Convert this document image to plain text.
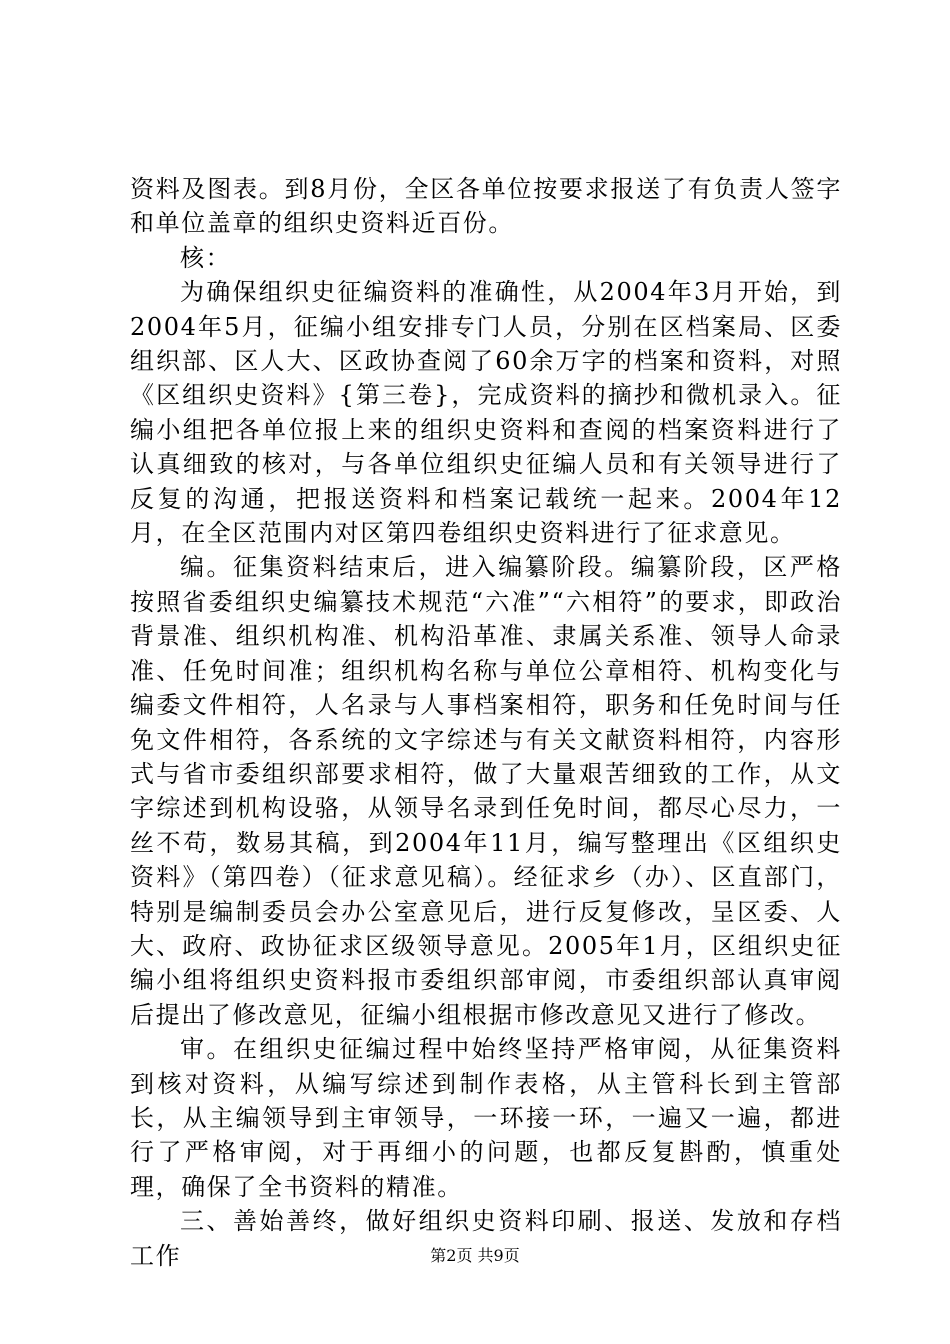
资料及图表。到8月份，全区各单位按要求报送了有负责人签字和单位盖章的组织史资料近百份。

核：

为确保组织史征编资料的准确性，从2004年3月开始，到2004年5月，征编小组安排专门人员，分别在区档案局、区委组织部、区人大、区政协查阅了60余万字的档案和资料，对照《区组织史资料》{第三卷}，完成资料的摘抄和微机录入。征编小组把各单位报上来的组织史资料和查阅的档案资料进行了认真细致的核对，与各单位组织史征编人员和有关领导进行了反复的沟通，把报送资料和档案记载统一起来。2004年12月，在全区范围内对区第四卷组织史资料进行了征求意见。

编。征集资料结束后，进入编纂阶段。编纂阶段，区严格按照省委组织史编纂技术规范“六准”“六相符”的要求，即政治背景准、组织机构准、机构沿革准、隶属关系准、领导人命录准、任免时间准；组织机构名称与单位公章相符、机构变化与编委文件相符，人名录与人事档案相符，职务和任免时间与任免文件相符，各系统的文字综述与有关文献资料相符，内容形式与省市委组织部要求相符，做了大量艰苦细致的工作，从文字综述到机构设骆，从领导名录到任免时间，都尽心尽力，一丝不苟，数易其稿，到2004年11月，编写整理出《区组织史资料》（第四卷）（征求意见稿）。经征求乡（办）、区直部门，特别是编制委员会办公室意见后，进行反复修改，呈区委、人大、政府、政协征求区级领导意见。2005年1月，区组织史征编小组将组织史资料报市委组织部审阅，市委组织部认真审阅后提出了修改意见，征编小组根据市修改意见又进行了修改。

审。在组织史征编过程中始终坚持严格审阅，从征集资料到核对资料，从编写综述到制作表格，从主管科长到主管部长，从主编领导到主审领导，一环接一环，一遍又一遍，都进行了严格审阅，对于再细小的问题，也都反复斟酌，慎重处理，确保了全书资料的精准。

三、善始善终，做好组织史资料印刷、报送、发放和存档工作	第2页 共9页
